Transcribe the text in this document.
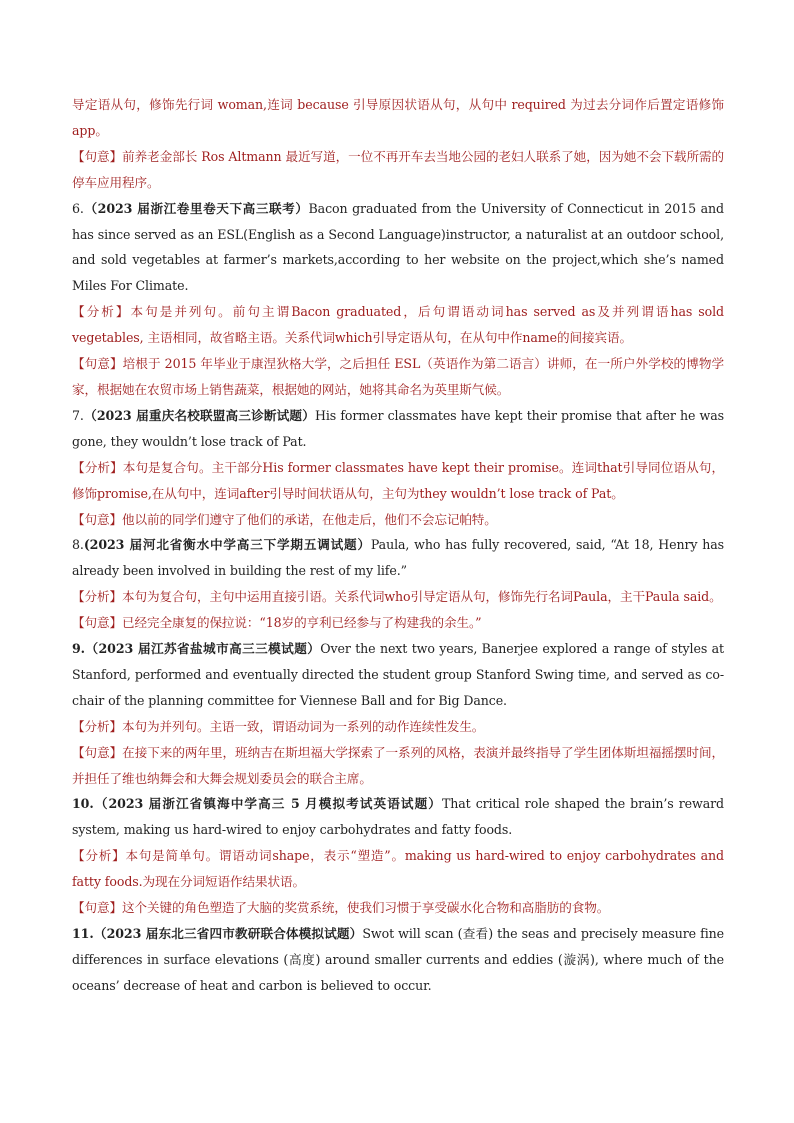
导定语从句，修饰先行词 woman,连词 because 引导原因状语从句，从句中 required 为过去分词作后置定语修饰 app。

【句意】前养老金部长 Ros Altmann 最近写道，一位不再开车去当地公园的老妇人联系了她，因为她不会下载所需的停车应用程序。

6.（2023 届浙江卷里卷天下高三联考）Bacon graduated from the University of Connecticut in 2015 and has since served as an ESL(English as a Second Language)instructor, a naturalist at an outdoor school, and sold vegetables at farmer’s markets,according to her website on the project,which she’s named Miles For Climate.

【分析】本句是并列句。前句主谓Bacon graduated，后句谓语动词has served as及并列谓语has sold vegetables, 主语相同，故省略主语。关系代词which引导定语从句，在从句中作name的间接宾语。

【句意】培根于 2015 年毕业于康涅狄格大学，之后担任 ESL（英语作为第二语言）讲师，在一所户外学校的博物学家，根据她在农贸市场上销售蔬菜，根据她的网站，她将其命名为英里斯气候。

7.（2023 届重庆名校联盟高三诊断试题）His former classmates have kept their promise that after he was gone, they wouldn’t lose track of Pat.

【分析】本句是复合句。主干部分His former classmates have kept their promise。连词that引导同位语从句，修饰promise,在从句中，连词after引导时间状语从句，主句为they wouldn’t lose track of Pat。

【句意】他以前的同学们遵守了他们的承诺，在他走后，他们不会忘记帕特。

8.(2023 届河北省衡水中学高三下学期五调试题）Paula, who has fully recovered, said, “At 18, Henry has already been involved in building the rest of my life.”

【分析】本句为复合句，主句中运用直接引语。关系代词who引导定语从句，修饰先行名词Paula，主干Paula said。

【句意】已经完全康复的保拉说：“18岁的亨利已经参与了构建我的余生。”

9.（2023 届江苏省盐城市高三三模试题）Over the next two years, Banerjee explored a range of styles at Stanford, performed and eventually directed the student group Stanford Swing time, and served as co-chair of the planning committee for Viennese Ball and for Big Dance.

【分析】本句为并列句。主语一致，谓语动词为一系列的动作连续性发生。

【句意】在接下来的两年里，班纳吉在斯坦福大学探索了一系列的风格，表演并最终指导了学生团体斯坦福摇摆时间，并担任了维也纳舞会和大舞会规划委员会的联合主席。

10.（2023 届浙江省镇海中学高三 5 月模拟考试英语试题）That critical role shaped the brain’s reward system, making us hard-wired to enjoy carbohydrates and fatty foods.

【分析】本句是简单句。谓语动词shape，表示“塑造”。making us hard-wired to enjoy carbohydrates and fatty foods.为现在分词短语作结果状语。

【句意】这个关键的角色塑造了大脑的奖赏系统，使我们习惯于享受碳水化合物和高脂肪的食物。

11.（2023 届东北三省四市教研联合体模拟试题）Swot will scan (查看) the seas and precisely measure fine differences in surface elevations (高度) around smaller currents and eddies (漩涡), where much of the oceans’ decrease of heat and carbon is believed to occur.
